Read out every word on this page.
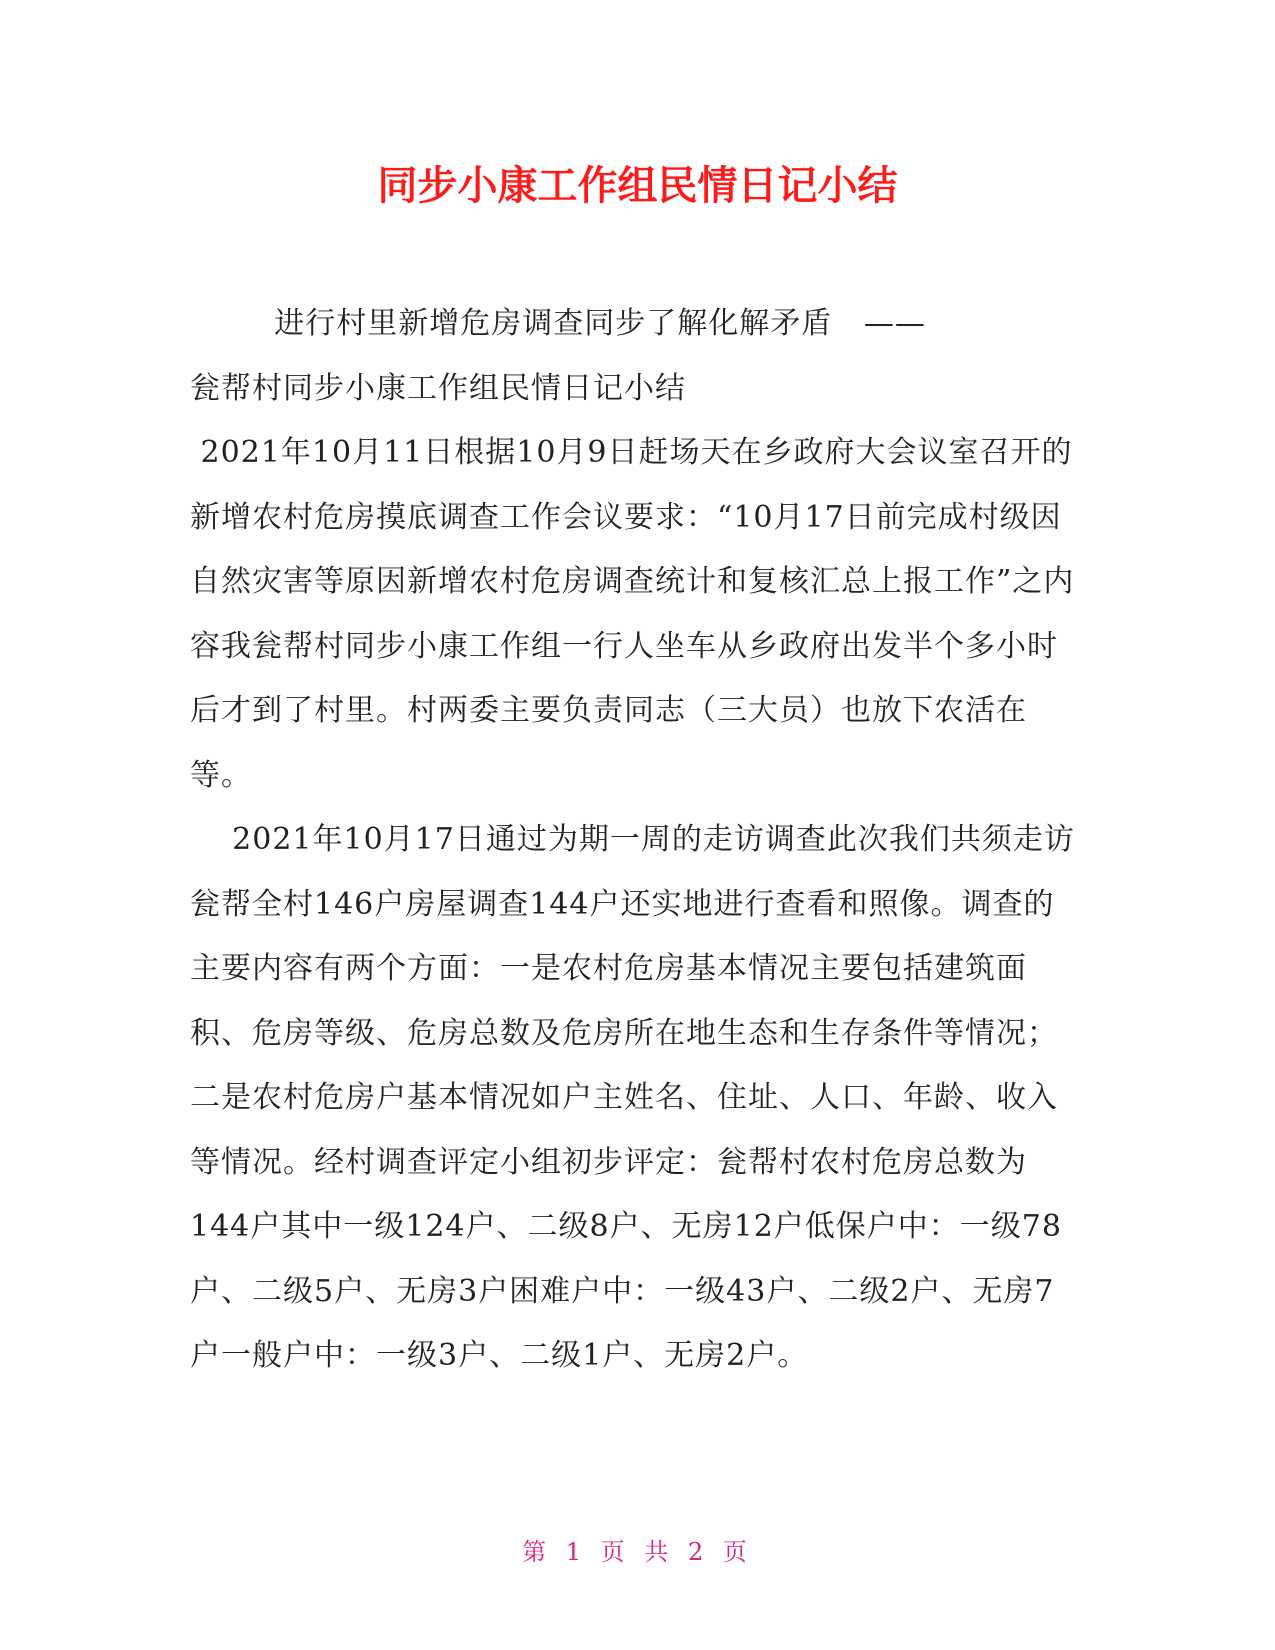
同步小康工作组民情日记小结

进行村里新增危房调查同步了解化解矛盾   ——
瓮帮村同步小康工作组民情日记小结

2021年10月11日根据10月9日赶场天在乡政府大会议室召开的新增农村危房摸底调查工作会议要求：“10月17日前完成村级因自然灾害等原因新增农村危房调查统计和复核汇总上报工作”之内容我瓮帮村同步小康工作组一行人坐车从乡政府出发半个多小时后才到了村里。村两委主要负责同志（三大员）也放下农活在等。

2021年10月17日通过为期一周的走访调查此次我们共须走访瓮帮全村146户房屋调查144户还实地进行查看和照像。调查的主要内容有两个方面：一是农村危房基本情况主要包括建筑面积、危房等级、危房总数及危房所在地生态和生存条件等情况；二是农村危房户基本情况如户主姓名、住址、人口、年龄、收入等情况。经村调查评定小组初步评定：瓮帮村农村危房总数为144户其中一级124户、二级8户、无房12户低保户中：一级78户、二级5户、无房3户困难户中：一级43户、二级2户、无房7户一般户中：一级3户、二级1户、无房2户。

第 1 页 共 2 页
